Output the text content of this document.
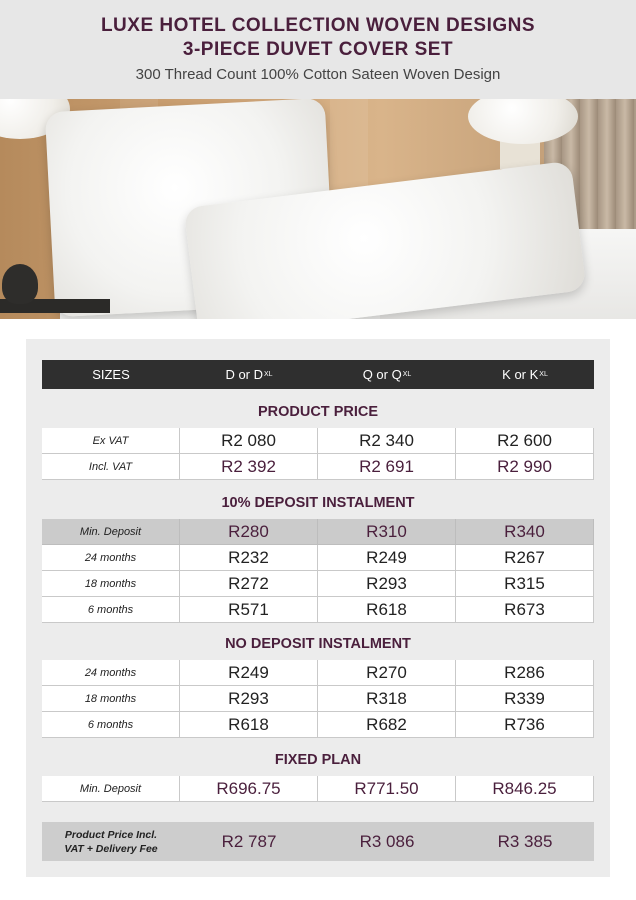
LUXE HOTEL COLLECTION WOVEN DESIGNS
3-PIECE DUVET COVER SET
300 Thread Count 100% Cotton Sateen Woven Design
SIZES	D or D XL	Q or Q XL	K or K XL
PRODUCT PRICE
Ex VAT	R2 080	R2 340	R2 600
Incl. VAT	R2 392	R2 691	R2 990
10% DEPOSIT INSTALMENT
Min. Deposit	R280	R310	R340
24 months	R232	R249	R267
18 months	R272	R293	R315
6 months	R571	R618	R673
NO DEPOSIT INSTALMENT
24 months	R249	R270	R286
18 months	R293	R318	R339
6 months	R618	R682	R736
FIXED PLAN
Min. Deposit	R696.75	R771.50	R846.25
Product Price Incl.
VAT + Delivery Fee	R2 787	R3 086	R3 385
